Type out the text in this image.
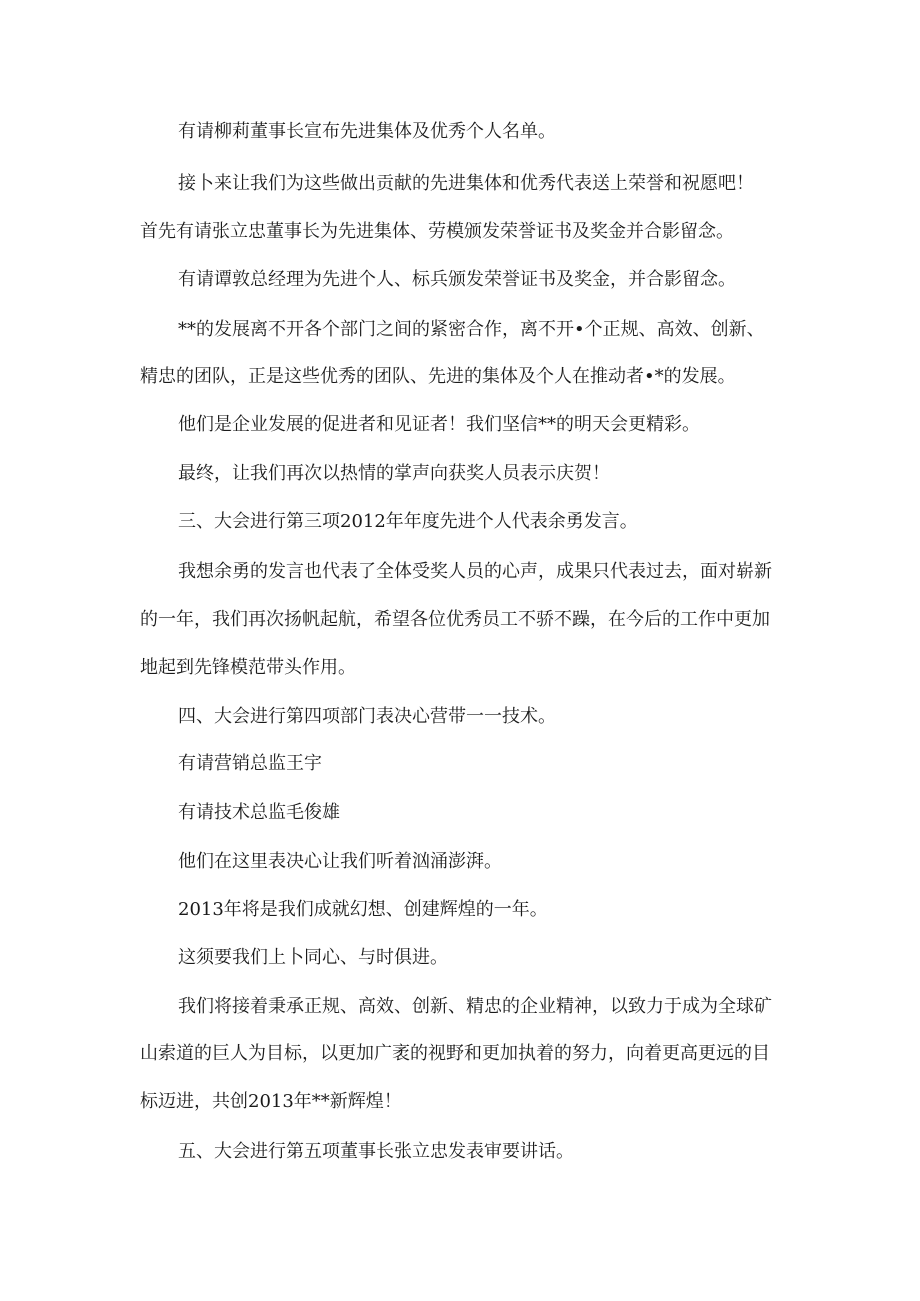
有请柳莉董事长宣布先进集体及优秀个人名单。

接卜来让我们为这些做出贡献的先进集体和优秀代表送上荣誉和祝愿吧！

首先有请张立忠董事长为先进集体、劳模颁发荣誉证书及奖金并合影留念。

有请谭敦总经理为先进个人、标兵颁发荣誉证书及奖金，并合影留念。

**的发展离不开各个部门之间的紧密合作，离不开•个正规、高效、创新、

精忠的团队，正是这些优秀的团队、先进的集体及个人在推动者•*的发展。

他们是企业发展的促进者和见证者！我们坚信**的明天会更精彩。

最终，让我们再次以热情的掌声向获奖人员表示庆贺！

三、大会进行第三项2012年年度先进个人代表余勇发言。

我想余勇的发言也代表了全体受奖人员的心声，成果只代表过去，面对崭新

的一年，我们再次扬帆起航，希望各位优秀员工不骄不躁，在今后的工作中更加

地起到先锋模范带头作用。

四、大会进行第四项部门表决心营带一一技术。

有请营销总监王宇

有请技术总监毛俊雄

他们在这里表决心让我们听着汹涌澎湃。

2013年将是我们成就幻想、创建辉煌的一年。

这须要我们上卜同心、与时俱进。

我们将接着秉承正规、高效、创新、精忠的企业精神，以致力于成为全球矿

山索道的巨人为目标，以更加广袤的视野和更加执着的努力，向着更高更远的目

标迈进，共创2013年**新辉煌！

五、大会进行第五项董事长张立忠发表审要讲话。
